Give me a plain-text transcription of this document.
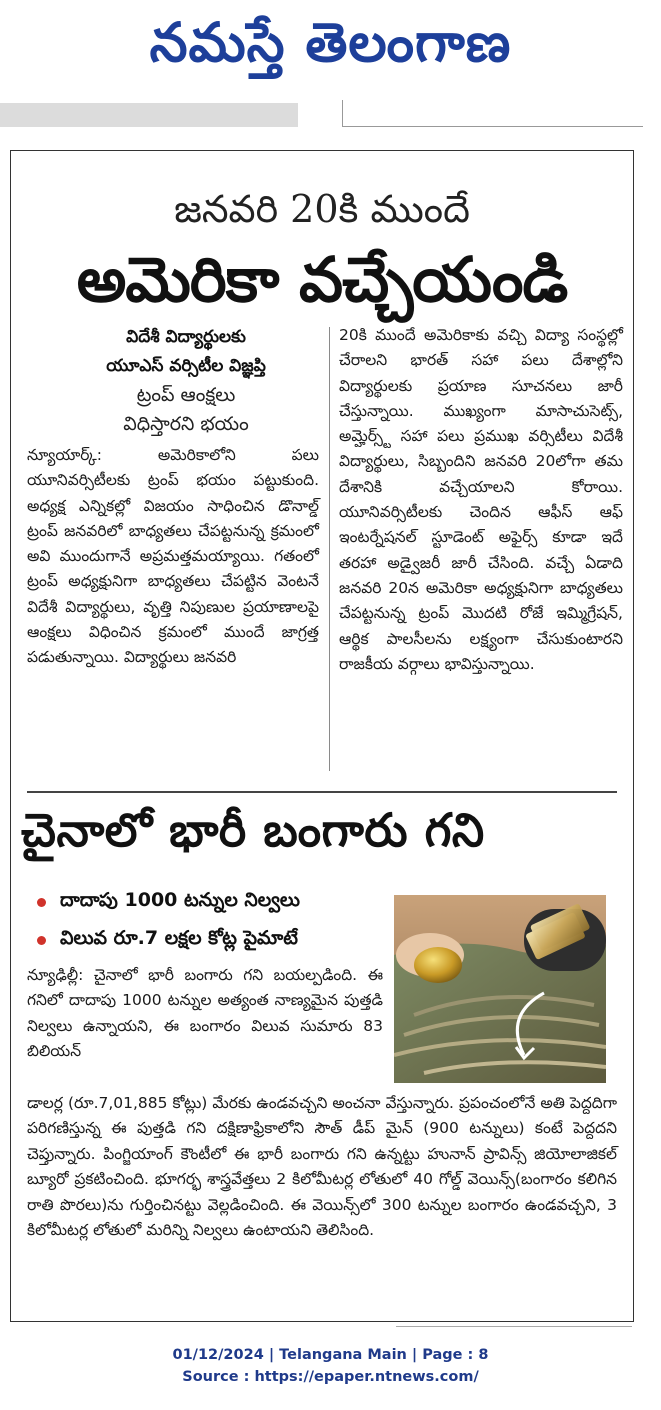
నమస్తే తెలంగాణ
జనవరి 20కి ముందే
అమెరికా వచ్చేయండి
విదేశీ విద్యార్థులకు
యూఎస్ వర్సిటీల విజ్ఞప్తి
ట్రంప్ ఆంక్షలు
విధిస్తారని భయం
న్యూయార్క్: అమెరికాలోని పలు యూనివర్సిటీలకు ట్రంప్ భయం పట్టుకుంది. అధ్యక్ష ఎన్నికల్లో విజయం సాధించిన డొనాల్డ్ ట్రంప్ జనవరిలో బాధ్యతలు చేపట్టనున్న క్రమంలో అవి ముందుగానే అప్రమత్తమయ్యాయి. గతంలో ట్రంప్ అధ్యక్షునిగా బాధ్యతలు చేపట్టిన వెంటనే విదేశీ విద్యార్థులు, వృత్తి నిపుణుల ప్రయాణాలపై ఆంక్షలు విధించిన క్రమంలో ముందే జాగ్రత్త పడుతున్నాయి. విద్యార్థులు జనవరి
20కి ముందే అమెరికాకు వచ్చి విద్యా సంస్థల్లో చేరాలని భారత్ సహా పలు దేశాల్లోని విద్యార్థులకు ప్రయాణ సూచనలు జారీ చేస్తున్నాయి. ముఖ్యంగా మాసాచుసెట్స్, అమ్హెర్స్ట్ సహా పలు ప్రముఖ వర్సిటీలు విదేశీ విద్యార్థులు, సిబ్బందిని జనవరి 20లోగా తమ దేశానికి వచ్చేయాలని కోరాయి. యూనివర్సిటీలకు చెందిన ఆఫీస్ ఆఫ్ ఇంటర్నేషనల్ స్టూడెంట్ అఫైర్స్ కూడా ఇదే తరహా అడ్వైజరీ జారీ చేసింది. వచ్చే ఏడాది జనవరి 20న అమెరికా అధ్యక్షునిగా బాధ్యతలు చేపట్టనున్న ట్రంప్ మొదటి రోజే ఇమ్మిగ్రేషన్, ఆర్థిక పాలసీలను లక్ష్యంగా చేసుకుంటారని రాజకీయ వర్గాలు భావిస్తున్నాయి.
చైనాలో భారీ బంగారు గని
దాదాపు 1000 టన్నుల నిల్వలు
విలువ రూ.7 లక్షల కోట్ల పైమాటే
న్యూఢిల్లీ: చైనాలో భారీ బంగారు గని బయల్పడింది. ఈ గనిలో దాదాపు 1000 టన్నుల అత్యంత నాణ్యమైన పుత్తడి నిల్వలు ఉన్నాయని, ఈ బంగారం విలువ సుమారు 83 బిలియన్
డాలర్ల (రూ.7,01,885 కోట్లు) మేరకు ఉండవచ్చని అంచనా వేస్తున్నారు. ప్రపంచంలోనే అతి పెద్దదిగా పరిగణిస్తున్న ఈ పుత్తడి గని దక్షిణాఫ్రికాలోని సౌత్ డీప్ మైన్ (900 టన్నులు) కంటే పెద్దదని చెప్తున్నారు. పింగ్జియాంగ్ కౌంటీలో ఈ భారీ బంగారు గని ఉన్నట్టు హునాన్ ప్రావిన్స్ జియోలాజికల్ బ్యూరో ప్రకటించింది. భూగర్భ శాస్త్రవేత్తలు 2 కిలోమీటర్ల లోతులో 40 గోల్డ్ వెయిన్స్(బంగారం కలిగిన రాతి పొరలు)ను గుర్తించినట్టు వెల్లడించింది. ఈ వెయిన్స్‌లో 300 టన్నుల బంగారం ఉండవచ్చని, 3 కిలోమీటర్ల లోతులో మరిన్ని నిల్వలు ఉంటాయని తెలిసింది.
01/12/2024 | Telangana Main | Page : 8
Source : https://epaper.ntnews.com/
